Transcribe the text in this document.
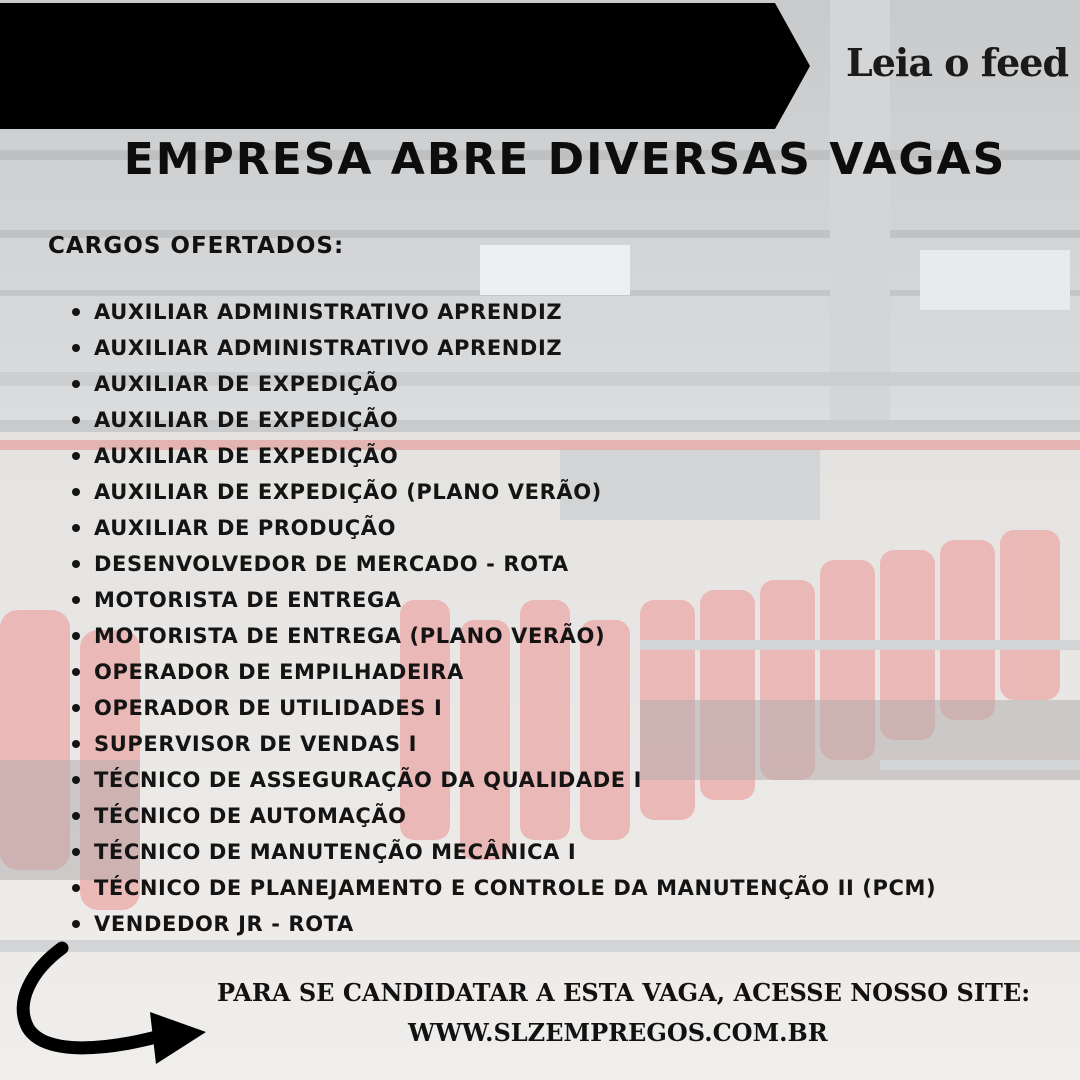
Leia o feed
EMPRESA ABRE DIVERSAS VAGAS
CARGOS OFERTADOS:
AUXILIAR ADMINISTRATIVO APRENDIZ
AUXILIAR ADMINISTRATIVO APRENDIZ
AUXILIAR DE EXPEDIÇÃO
AUXILIAR DE EXPEDIÇÃO
AUXILIAR DE EXPEDIÇÃO
AUXILIAR DE EXPEDIÇÃO (PLANO VERÃO)
AUXILIAR DE PRODUÇÃO
DESENVOLVEDOR DE MERCADO - ROTA
MOTORISTA DE ENTREGA
MOTORISTA DE ENTREGA (PLANO VERÃO)
OPERADOR DE EMPILHADEIRA
OPERADOR DE UTILIDADES I
SUPERVISOR DE VENDAS I
TÉCNICO DE ASSEGURAÇÃO DA QUALIDADE I
TÉCNICO DE AUTOMAÇÃO
TÉCNICO DE MANUTENÇÃO MECÂNICA I
TÉCNICO DE PLANEJAMENTO E CONTROLE DA MANUTENÇÃO II (PCM)
VENDEDOR JR - ROTA
PARA SE CANDIDATAR A ESTA VAGA, ACESSE NOSSO SITE:
WWW.SLZEMPREGOS.COM.BR
